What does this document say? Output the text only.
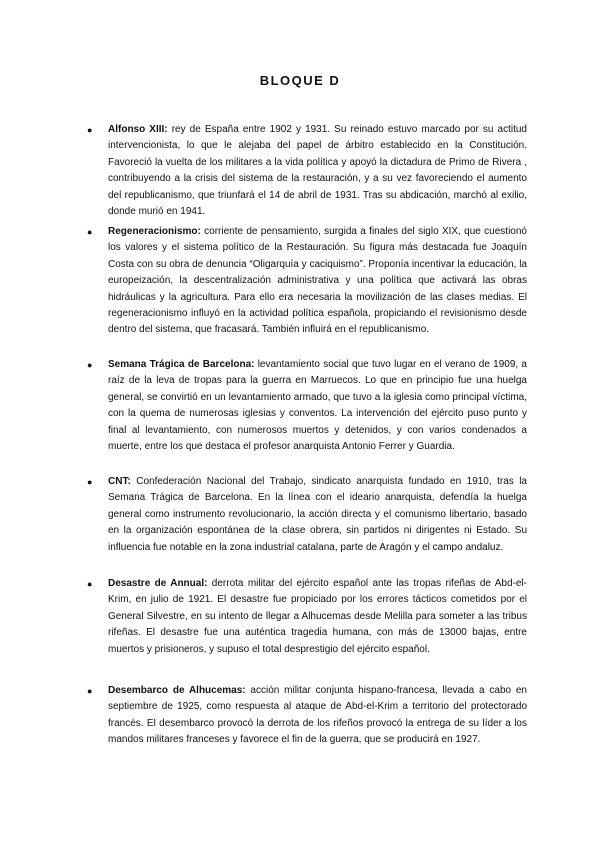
BLOQUE D
● Alfonso XIII: rey de España entre 1902 y 1931. Su reinado estuvo marcado por su actitud intervencionista, lo que le alejaba del papel de árbitro establecido en la Constitución. Favoreció la vuelta de los militares a la vida política y apoyó la dictadura de Primo de Rivera , contribuyendo a la crisis del sistema de la restauración, y a su vez favoreciendo el aumento del republicanismo, que triunfará el 14 de abril de 1931. Tras su abdicación, marchó al exilio, donde murió en 1941.
● Regeneracionismo: corriente de pensamiento, surgida a finales del siglo XIX, que cuestionó los valores y el sistema político de la Restauración. Su figura más destacada fue Joaquín Costa con su obra de denuncia “Oligarquía y caciquismo”. Proponía incentivar la educación, la europeización, la descentralización administrativa y una política que activará las obras hidráulicas y la agricultura. Para ello era necesaria la movilización de las clases medias. El regeneracionismo influyó en la actividad política española, propiciando el revisionismo desde dentro del sistema, que fracasará. También influirá en el republicanismo.
● Semana Trágica de Barcelona: levantamiento social que tuvo lugar en el verano de 1909, a raíz de la leva de tropas para la guerra en Marruecos. Lo que en principio fue una huelga general, se convirtió en un levantamiento armado, que tuvo a la iglesia como principal víctima, con la quema de numerosas iglesias y conventos. La intervención del ejército puso punto y final al levantamiento, con numerosos muertos y detenidos, y con varios condenados a muerte, entre los que destaca el profesor anarquista Antonio Ferrer y Guardia.
● CNT: Confederación Nacional del Trabajo, sindicato anarquista fundado en 1910, tras la Semana Trágica de Barcelona. En la línea con el ideario anarquista, defendía la huelga general como instrumento revolucionario, la acción directa y el comunismo libertario, basado en la organización espontánea de la clase obrera, sin partidos ni dirigentes ni Estado. Su influencia fue notable en la zona industrial catalana, parte de Aragón y el campo andaluz.
● Desastre de Annual: derrota militar del ejército español ante las tropas rifeñas de Abd-el-Krim, en julio de 1921. El desastre fue propiciado por los errores tácticos cometidos por el General Silvestre, en su intento de llegar a Alhucemas desde Melilla para someter a las tribus rifeñas. El desastre fue una auténtica tragedia humana, con más de 13000 bajas, entre muertos y prisioneros, y supuso el total desprestigio del ejército español.
● Desembarco de Alhucemas: acción militar conjunta hispano-francesa, llevada a cabo en septiembre de 1925, como respuesta al ataque de Abd-el-Krim a territorio del protectorado francés. El desembarco provocó la derrota de los rifeños provocó la entrega de su líder a los mandos militares franceses y favorece el fin de la guerra, que se producirá en 1927.
